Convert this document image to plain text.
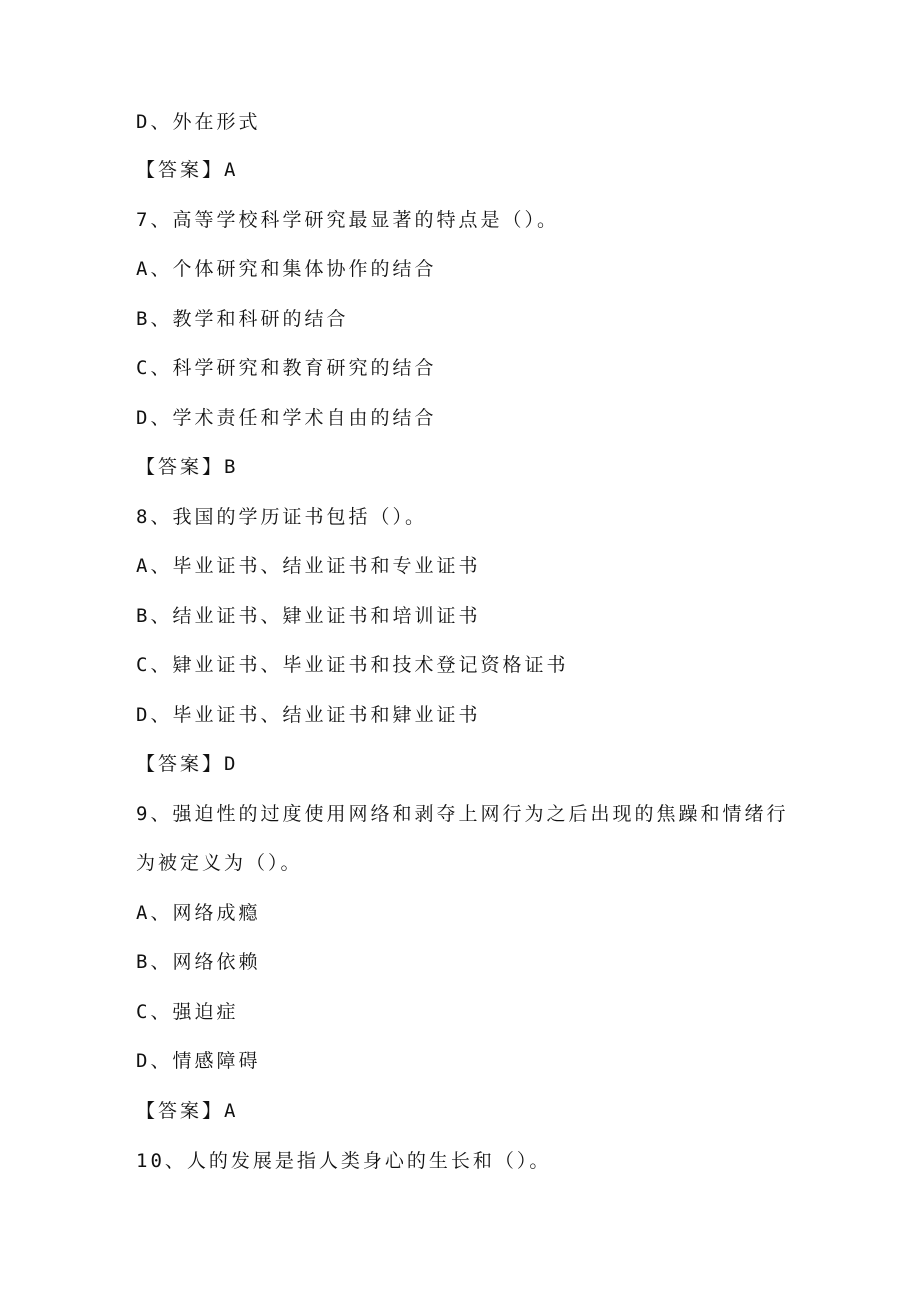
D、外在形式
【答案】A
7、高等学校科学研究最显著的特点是（）。
A、个体研究和集体协作的结合
B、教学和科研的结合
C、科学研究和教育研究的结合
D、学术责任和学术自由的结合
【答案】B
8、我国的学历证书包括（）。
A、毕业证书、结业证书和专业证书
B、结业证书、肄业证书和培训证书
C、肄业证书、毕业证书和技术登记资格证书
D、毕业证书、结业证书和肄业证书
【答案】D
9、强迫性的过度使用网络和剥夺上网行为之后出现的焦躁和情绪行
为被定义为（）。
A、网络成瘾
B、网络依赖
C、强迫症
D、情感障碍
【答案】A
10、人的发展是指人类身心的生长和（）。
